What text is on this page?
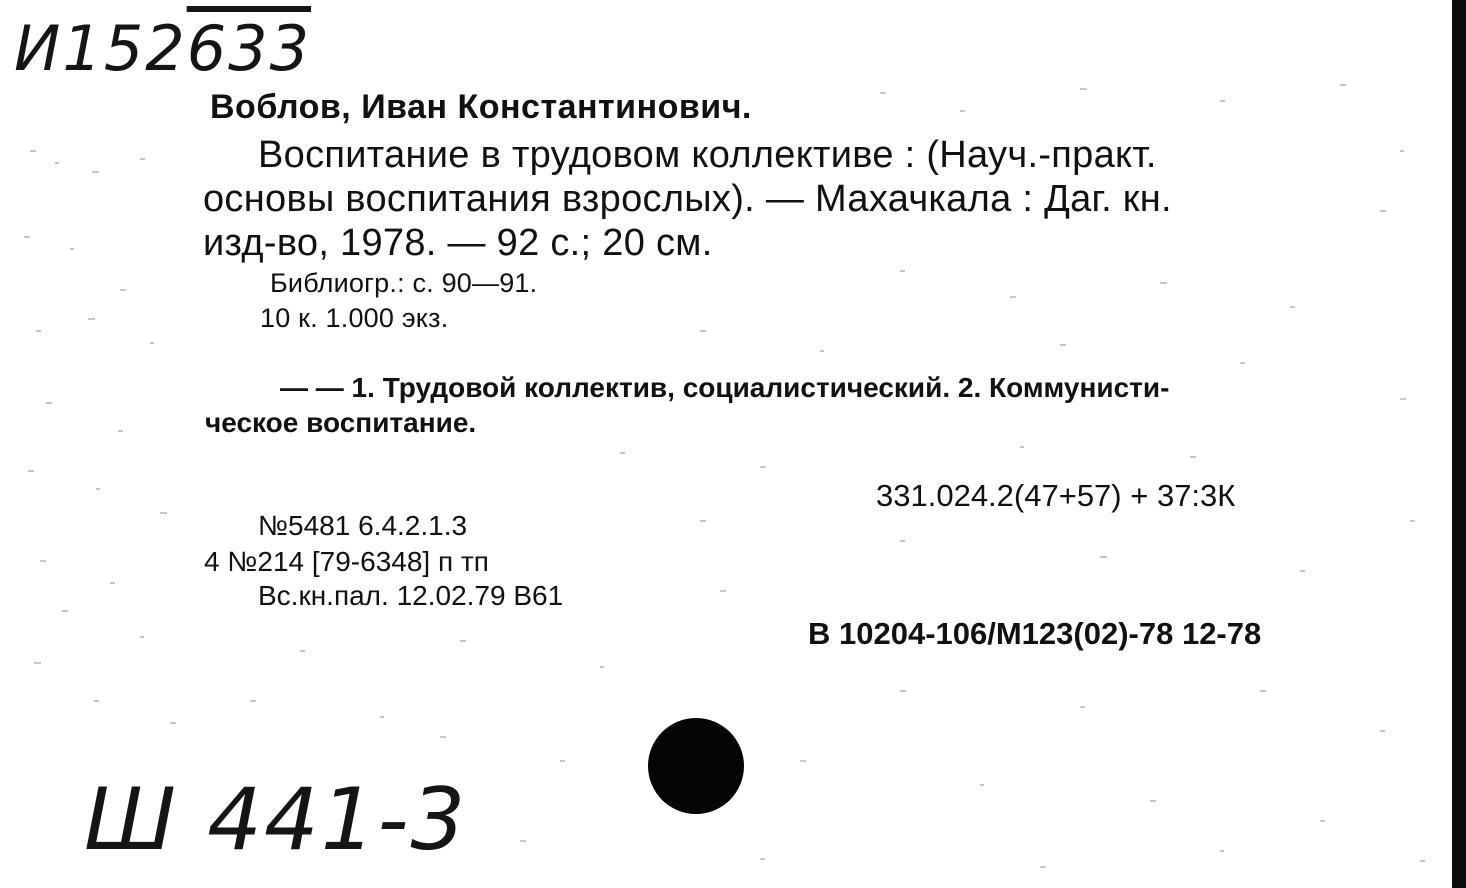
И152633
Воблов, Иван Константинович.
Воспитание в трудовом коллективе : (Науч.-практ.
основы воспитания взрослых). — Махачкала : Даг. кн.
изд-во, 1978. — 92 с.; 20 см.
Библиогр.: с. 90—91.
10 к. 1.000 экз.
— — 1. Трудовой коллектив, социалистический. 2. Коммунисти-
ческое воспитание.
331.024.2(47+57) + 37:3К
№5481 6.4.2.1.3
4 №214 [79-6348] п тп
Вс.кн.пал. 12.02.79 В61
В 10204-106/М123(02)-78 12-78
Ш 441-3
